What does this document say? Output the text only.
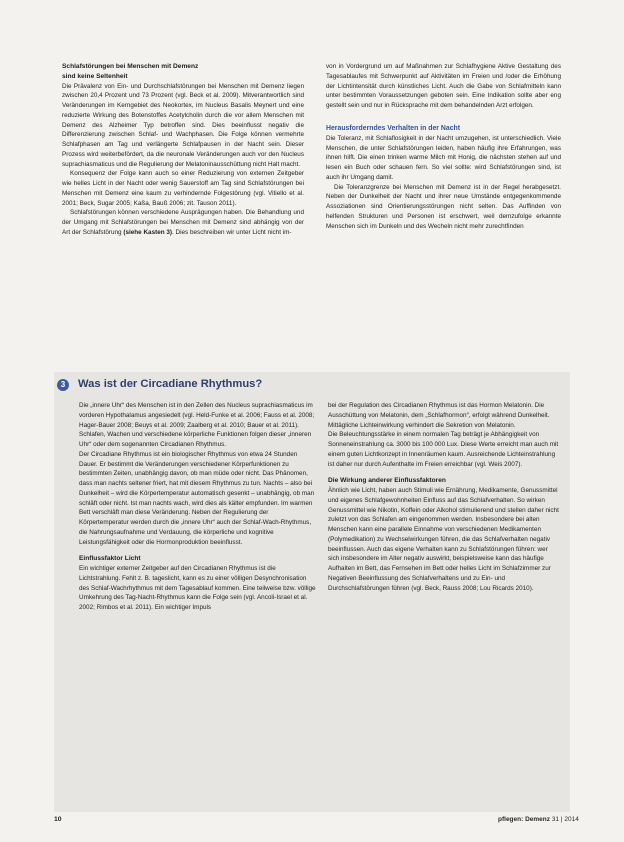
Schlafstörungen bei Menschen mit Demenz

sind keine Seltenheit

Die Prävalenz von Ein- und Durchschlafstörungen bei Menschen mit Demenz liegen zwischen 20,4 Prozent und 73 Prozent (vgl. Beck et al. 2009). Mitverantwortlich sind Veränderungen im Kerngebiet des Neokortex, im Nucleus Basalis Meynert und eine reduzierte Wirkung des Botenstoffes Acetylcholin durch die vor allem Menschen mit Demenz des Alzheimer Typ betroffen sind. Dies beeinflusst negativ die Differenzierung zwischen Schlaf- und Wachphasen. Die Folge können vermehrte Schlafphasen am Tag und verlängerte Schlafpausen in der Nacht sein. Dieser Prozess wird weiterbefördert, da die neuronale Veränderungen auch vor den Nucleus suprachiasmaticus und die Regulierung der Melatoninausschüttung nicht Halt macht.

Konsequenz der Folge kann auch so einer Reduzierung von externen Zeitgeber wie helles Licht in der Nacht oder wenig Sauerstoff am Tag sind Schlafstörungen bei Menschen mit Demenz eine kaum zu verhindernde Folgestörung (vgl. Vitiello et al. 2001; Beck, Sugar 2005; Kaßa, Bauß 2006; zit. Tauson 2011).

Schlafstörungen können verschiedene Ausprägungen haben. Die Behandlung und der Umgang mit Schlafstörungen bei Menschen mit Demenz sind abhängig von der Art der Schlafstörung (siehe Kasten 3). Dies beschreiben wir unter Licht nicht im-

von in Vordergrund um auf Maßnahmen zur Schlafhygiene Aktive Gestaltung des Tagesablaufes mit Schwerpunkt auf Aktivitäten im Freien und /oder die Erhöhung der Lichtintensität durch künstliches Licht. Auch die Gabe von Schlafmitteln kann unter bestimmten Voraussetzungen geboten sein. Eine Indikation sollte aber eng gestellt sein und nur in Rücksprache mit dem behandelnden Arzt erfolgen.

Herausforderndes Verhalten in der Nacht

Die Toleranz, mit Schlaflosigkeit in der Nacht umzugehen, ist unterschiedlich. Viele Menschen, die unter Schlafstörungen leiden, haben häufig ihre Erfahrungen, was ihnen hilft. Die einen trinken warme Milch mit Honig, die nächsten stehen auf und lesen ein Buch oder schauen fern. So viel sollte: wird Schlafstörungen sind, ist auch ihr Umgang damit.

Die Toleranzgrenze bei Menschen mit Demenz ist in der Regel herabgesetzt. Neben der Dunkelheit der Nacht und ihrer neue Umstände entgegenkommende Assoziationen sind Orientierungsstörungen nicht selten. Das Auffinden von helfenden Strukturen und Personen ist erschwert, weil demzufolge erkannte Menschen sich im Dunkeln und des Wecheln nicht mehr zurechtfinden

3	Was ist der Circadiane Rhythmus?

Die „innere Uhr“ des Menschen ist in den Zellen des Nucleus suprachiasmaticus im vorderen Hypothalamus angesiedelt (vgl. Held-Funke et al. 2006; Fauss et al. 2008; Hager-Bauer 2008; Beuys et al. 2009; Zaalberg et al. 2010; Bauer et al. 2011). Schlafen, Wachen und verschiedene körperliche Funktionen folgen dieser „inneren Uhr“ oder dem sogenannten Circadianen Rhythmus.

Der Circadiane Rhythmus ist ein biologischer Rhythmus von etwa 24 Stunden Dauer. Er bestimmt die Veränderungen verschiedener Körperfunktionen zu bestimmten Zeiten, unabhängig davon, ob man müde oder nicht. Das Phänomen, dass man nachts seltener friert, hat mit diesem Rhythmus zu tun. Nachts – also bei Dunkelheit – wird die Körpertemperatur automatisch gesenkt – unabhängig, ob man schläft oder nicht. Ist man nachts wach, wird dies als kälter empfunden. Im warmen Bett verschläft man diese Veränderung. Neben der Regulierung der Körpertemperatur werden durch die „innere Uhr“ auch der Schlaf-Wach-Rhythmus, die Nahrungsaufnahme und Verdauung, die körperliche und kognitive Leistungsfähigkeit oder die Hormonproduktion beeinflusst.

Einflussfaktor Licht

Ein wichtiger externer Zeitgeber auf den Circadianen Rhythmus ist die Lichtstrahlung. Fehlt z. B. tageslicht, kann es zu einer völligen Desynchronisation des Schlaf-Wachrhythmus mit dem Tagesablauf kommen. Eine teilweise bzw. völlige Umkehrung des Tag-Nacht-Rhythmus kann die Folge sein (vgl. Ancoli-Israel et al. 2002; Rimbos et al. 2011). Ein wichtiger Impuls

bei der Regulation des Circadianen Rhythmus ist das Hormon Melatonin. Die Ausschüttung von Melatonin, dem „Schlafhormon“, erfolgt während Dunkelheit. Mittägliche Lichteinwirkung verhindert die Sekretion von Melatonin.

Die Beleuchtungsstärke in einem normalen Tag beträgt je Abhängigkeit von Sonneneinstrahlung ca. 3000 bis 100 000 Lux. Diese Werte erreicht man auch mit einem guten Lichtkonzept in Innenräumen kaum. Ausreichende Lichteinstrahlung ist daher nur durch Aufenthalte im Freien erreichbar (vgl. Weis 2007).

Die Wirkung anderer Einflussfaktoren

Ähnlich wie Licht, haben auch Stimuli wie Ernährung, Medikamente, Genussmittel und eigenes Schlafgewohnheiten Einfluss auf das Schlafverhalten. So wirken Genussmittel wie Nikotin, Koffein oder Alkohol stimulierend und stellen daher nicht zuletzt von das Schlafen am eingenommen werden. Insbesondere bei alten Menschen kann eine parallele Einnahme von verschiedenen Medikamenten (Polymedikation) zu Wechselwirkungen führen, die das Schlafverhalten negativ beeinflussen. Auch das eigene Verhalten kann zu Schlafstörungen führen: wer sich insbesondere im Alter negativ auswirkt, beispielsweise kann das häufige Aufhalten im Bett, das Fernsehen im Bett oder helles Licht im Schlafzimmer zur Negativen Beeinflussung des Schlafverhaltens und zu Ein- und Durchschlafstörungen führen (vgl. Beck, Rauss 2008; Lou Ricards 2010).

10	pflegen: Demenz 31 | 2014
